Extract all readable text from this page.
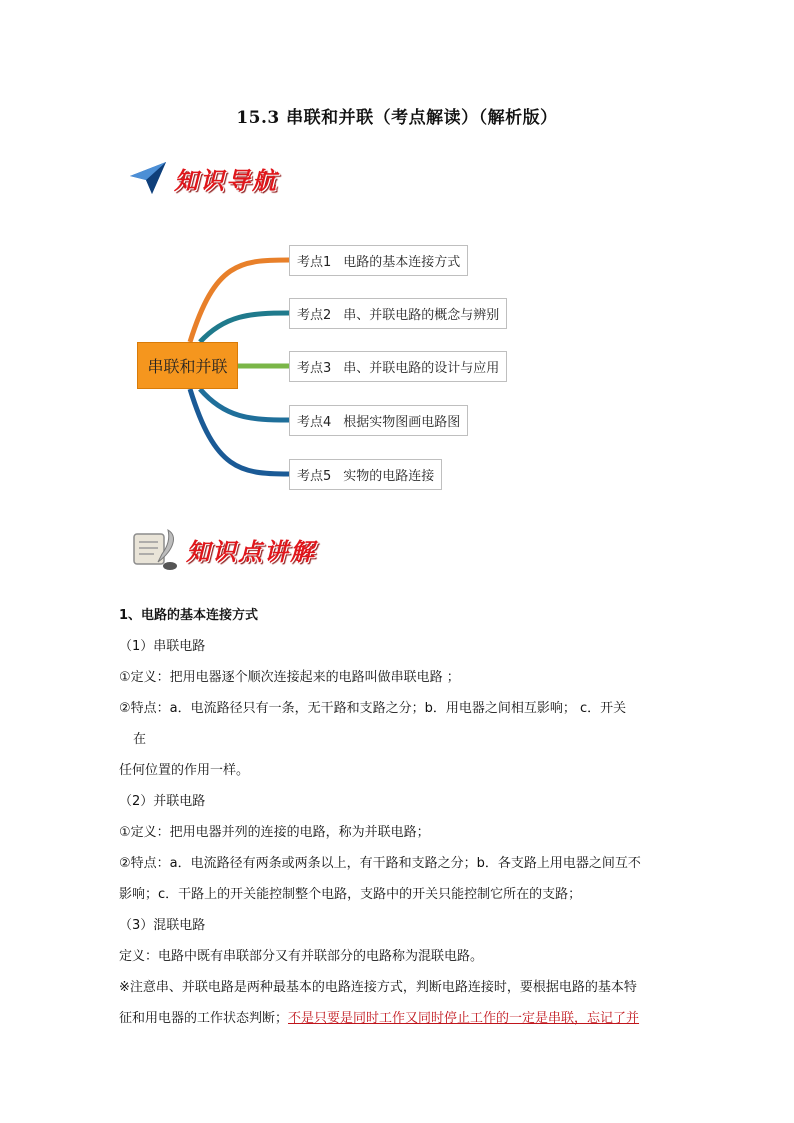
15.3 串联和并联（考点解读）（解析版）
知识导航
串联和并联
考点1 电路的基本连接方式
考点2 串、并联电路的概念与辨别
考点3 串、并联电路的设计与应用
考点4 根据实物图画电路图
考点5 实物的电路连接
知识点讲解
1、电路的基本连接方式
（1）串联电路
①定义：把用电器逐个顺次连接起来的电路叫做串联电路 ；
②特点：a．电流路径只有一条，无干路和支路之分；b．用电器之间相互影响； c．开关
在
任何位置的作用一样。
（2）并联电路
①定义：把用电器并列的连接的电路，称为并联电路；
②特点：a．电流路径有两条或两条以上，有干路和支路之分；b．各支路上用电器之间互不
影响；c．干路上的开关能控制整个电路，支路中的开关只能控制它所在的支路；
（3）混联电路
定义：电路中既有串联部分又有并联部分的电路称为混联电路。
※注意串、并联电路是两种最基本的电路连接方式，判断电路连接时，要根据电路的基本特
征和用电器的工作状态判断；不是只要是同时工作又同时停止工作的一定是串联，忘记了并
